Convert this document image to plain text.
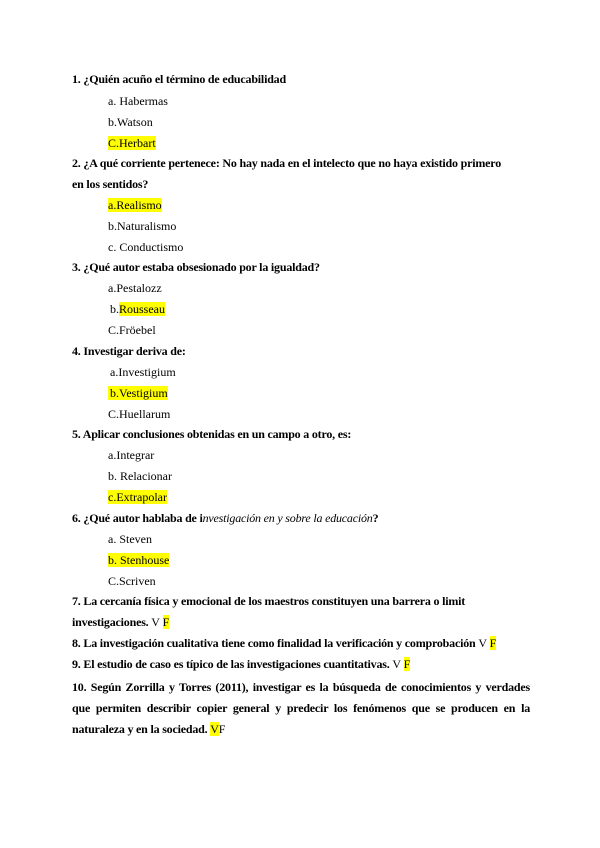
1. ¿Quién acuño el término de educabilidad
a. Habermas
b.Watson
C.Herbart
2. ¿A qué corriente pertenece: No hay nada en el intelecto que no haya existido primero
en los sentidos?
a.Realismo
b.Naturalismo
c. Conductismo
3. ¿Qué autor estaba obsesionado por la igualdad?
a.Pestalozz
b.Rousseau
C.Fröebel
4. Investigar deriva de:
a.Investigium
b.Vestigium
C.Huellarum
5. Aplicar conclusiones obtenidas en un campo a otro, es:
a.Integrar
b. Relacionar
c.Extrapolar
6. ¿Qué autor hablaba de investigación en y sobre la educación?
a. Steven
b. Stenhouse
C.Scriven
7. La cercanía física y emocional de los maestros constituyen una barrera o limit
investigaciones. V F
8. La investigación cualitativa tiene como finalidad la verificación y comprobación V F
9. El estudio de caso es típico de las investigaciones cuantitativas. V F
10. Según Zorrilla y Torres (2011), investigar es la búsqueda de conocimientos y verdades que permiten describir copier general y predecir los fenómenos que se producen en la naturaleza y en la sociedad. VF
